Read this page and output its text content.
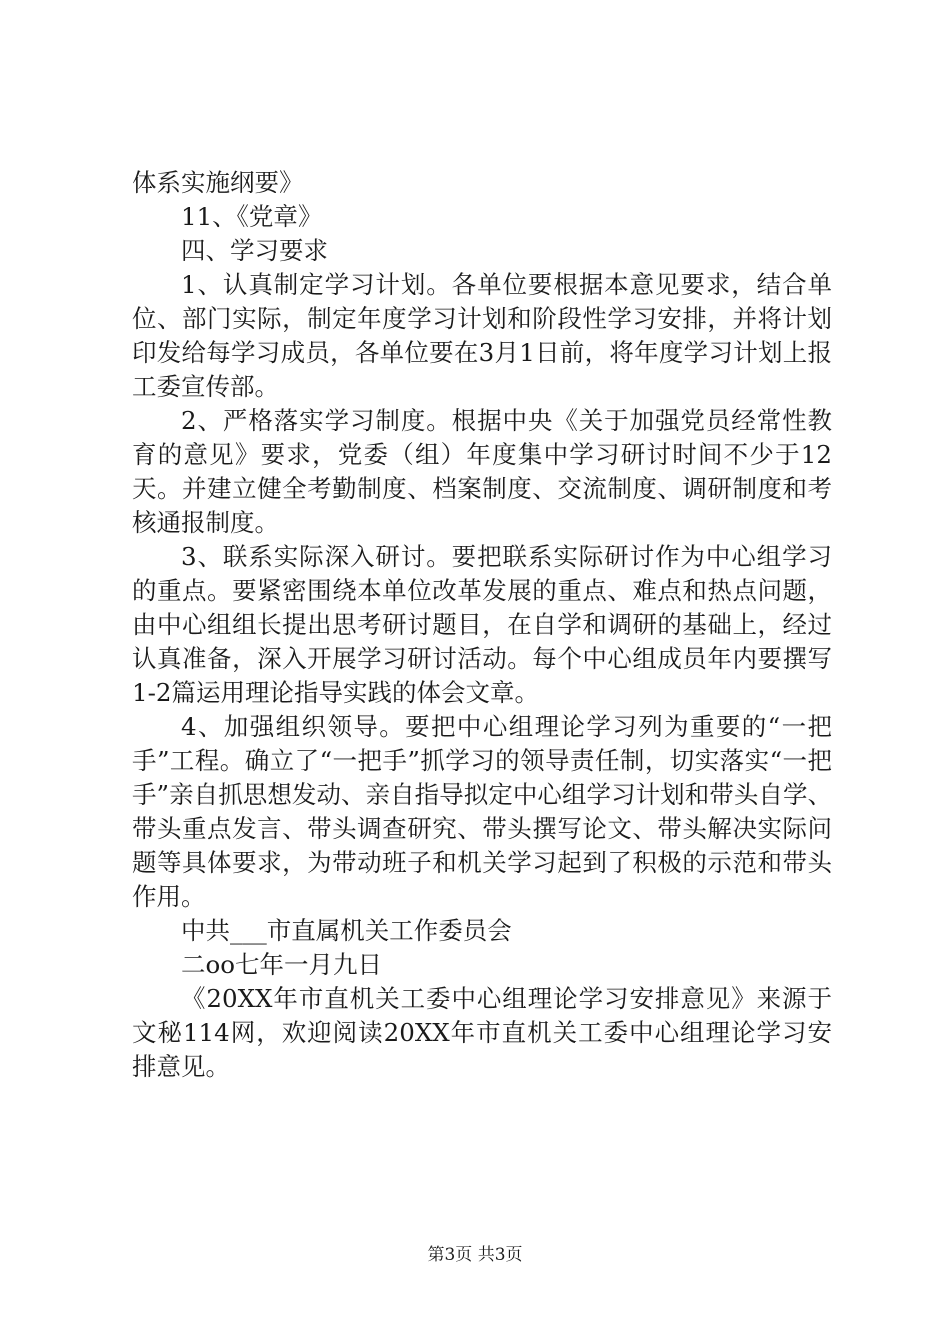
体系实施纲要》

11、《党章》

四、学习要求

1、认真制定学习计划。各单位要根据本意见要求，结合单位、部门实际，制定年度学习计划和阶段性学习安排，并将计划印发给每学习成员，各单位要在3月1日前，将年度学习计划上报工委宣传部。

2、严格落实学习制度。根据中央《关于加强党员经常性教育的意见》要求，党委（组）年度集中学习研讨时间不少于12天。并建立健全考勤制度、档案制度、交流制度、调研制度和考核通报制度。

3、联系实际深入研讨。要把联系实际研讨作为中心组学习的重点。要紧密围绕本单位改革发展的重点、难点和热点问题，由中心组组长提出思考研讨题目，在自学和调研的基础上，经过认真准备，深入开展学习研讨活动。每个中心组成员年内要撰写1-2篇运用理论指导实践的体会文章。

4、加强组织领导。要把中心组理论学习列为重要的“一把手”工程。确立了“一把手”抓学习的领导责任制，切实落实“一把手”亲自抓思想发动、亲自指导拟定中心组学习计划和带头自学、带头重点发言、带头调查研究、带头撰写论文、带头解决实际问题等具体要求，为带动班子和机关学习起到了积极的示范和带头作用。

中共___市直属机关工作委员会

二oo七年一月九日

《20XX年市直机关工委中心组理论学习安排意见》来源于文秘114网，欢迎阅读20XX年市直机关工委中心组理论学习安排意见。

第3页 共3页
